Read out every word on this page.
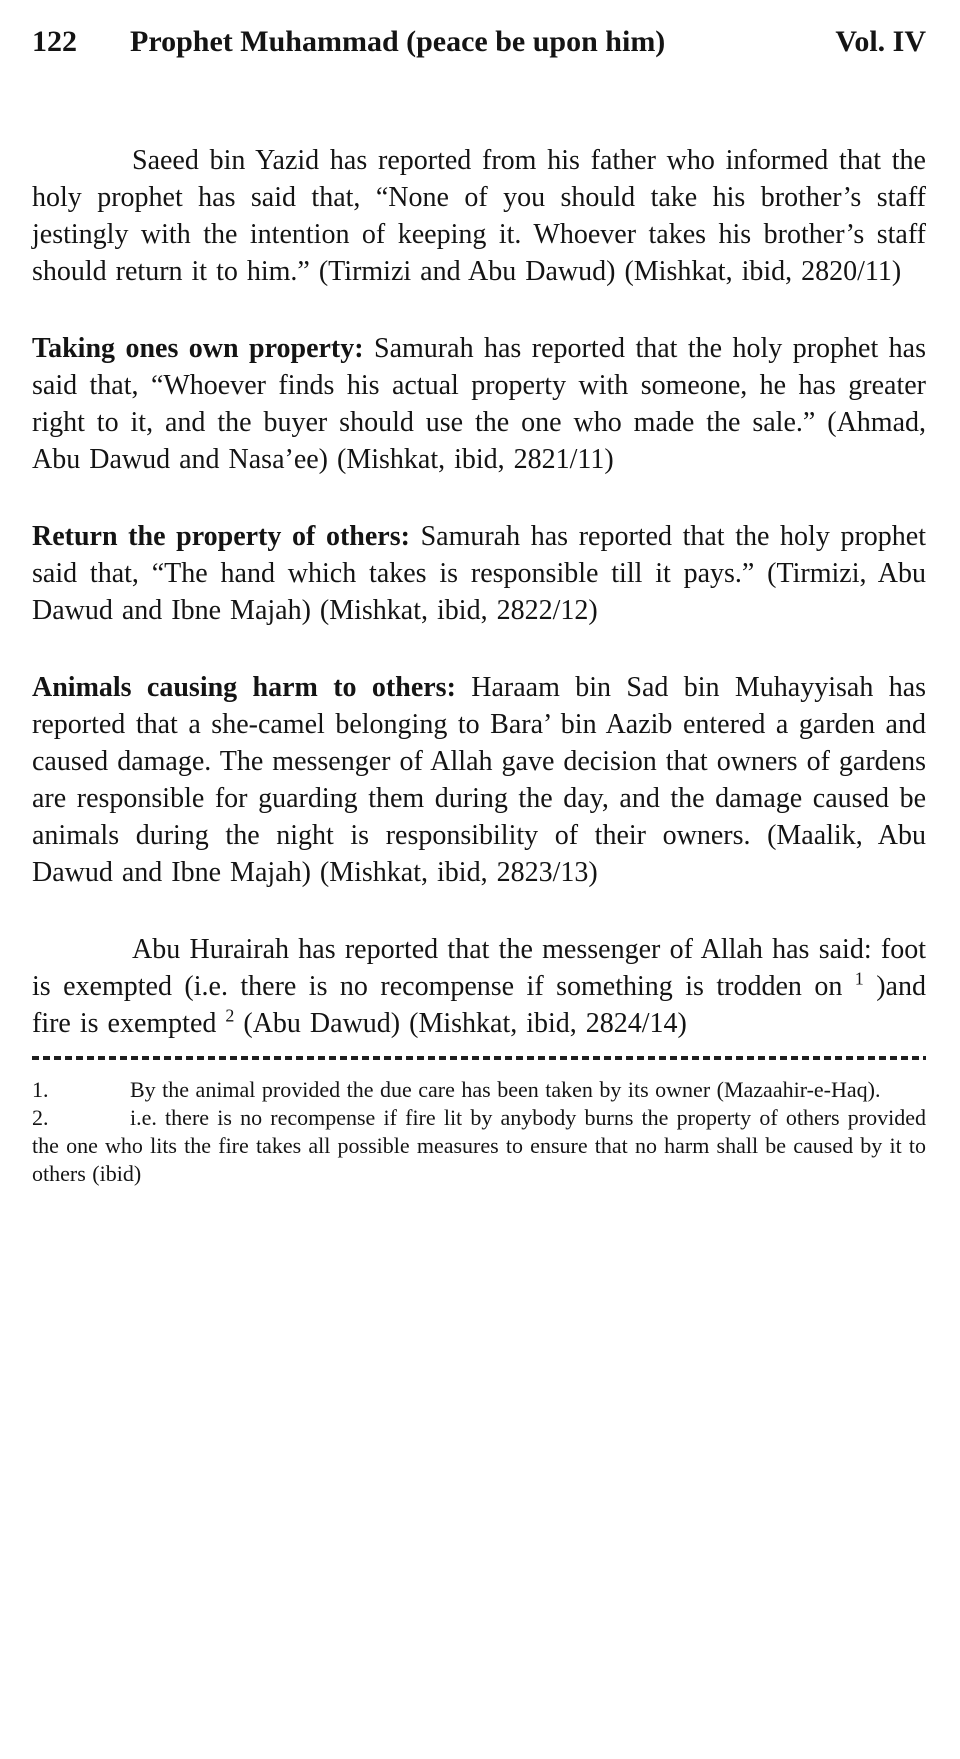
122	Prophet Muhammad (peace be upon him)	Vol. IV

Saeed bin Yazid has reported from his father who informed that the holy prophet has said that, “None of you should take his brother’s staff jestingly with the intention of keeping it. Whoever takes his brother’s staff should return it to him.” (Tirmizi and Abu Dawud) (Mishkat, ibid, 2820/11)

Taking ones own property: Samurah has reported that the holy prophet has said that, “Whoever finds his actual property with someone, he has greater right to it, and the buyer should use the one who made the sale.” (Ahmad, Abu Dawud and Nasa’ee) (Mishkat, ibid, 2821/11)

Return the property of others: Samurah has reported that the holy prophet said that, “The hand which takes is responsible till it pays.” (Tirmizi, Abu Dawud and Ibne Majah) (Mishkat, ibid, 2822/12)

Animals causing harm to others: Haraam bin Sad bin Muhayyisah has reported that a she-camel belonging to Bara’ bin Aazib entered a garden and caused damage. The messenger of Allah gave decision that owners of gardens are responsible for guarding them during the day, and the damage caused be animals during the night is responsibility of their owners. (Maalik, Abu Dawud and Ibne Majah) (Mishkat, ibid, 2823/13)

Abu Hurairah has reported that the messenger of Allah has said: foot is exempted (i.e. there is no recompense if something is trodden on $^1$ )and fire is exempted $^2$ (Abu Dawud) (Mishkat, ibid, 2824/14)

1.	By the animal provided the due care has been taken by its owner (Mazaahir-e-Haq).

2.	i.e. there is no recompense if fire lit by anybody burns the property of others provided the one who lits the fire takes all possible measures to ensure that no harm shall be caused by it to others (ibid)
